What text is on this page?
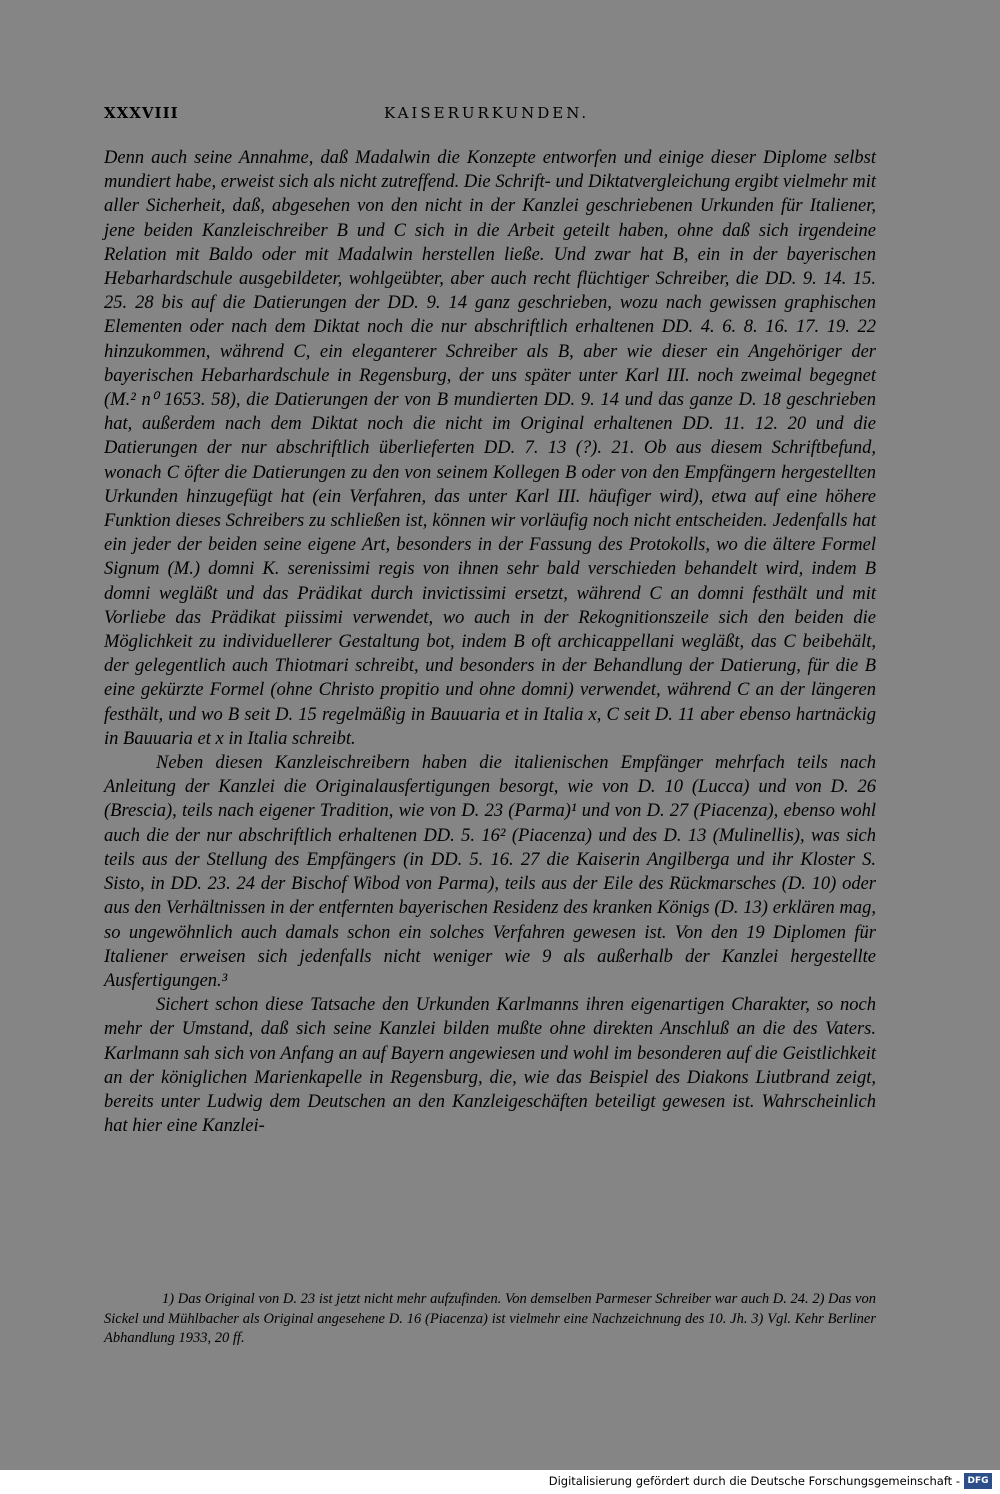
XXXVIII	KAISERURKUNDEN.

Denn auch seine Annahme, daß Madalwin die Konzepte entworfen und einige dieser Diplome selbst mundiert habe, erweist sich als nicht zutreffend. Die Schrift- und Diktatvergleichung ergibt vielmehr mit aller Sicherheit, daß, abgesehen von den nicht in der Kanzlei geschriebenen Urkunden für Italiener, jene beiden Kanzleischreiber B und C sich in die Arbeit geteilt haben, ohne daß sich irgendeine Relation mit Baldo oder mit Madalwin herstellen ließe. Und zwar hat B, ein in der bayerischen Hebarhardschule ausgebildeter, wohlgeübter, aber auch recht flüchtiger Schreiber, die DD. 9. 14. 15. 25. 28 bis auf die Datierungen der DD. 9. 14 ganz geschrieben, wozu nach gewissen graphischen Elementen oder nach dem Diktat noch die nur abschriftlich erhaltenen DD. 4. 6. 8. 16. 17. 19. 22 hinzukommen, während C, ein eleganterer Schreiber als B, aber wie dieser ein Angehöriger der bayerischen Hebarhardschule in Regensburg, der uns später unter Karl III. noch zweimal begegnet (M.² n⁰ 1653. 58), die Datierungen der von B mundierten DD. 9. 14 und das ganze D. 18 geschrieben hat, außerdem nach dem Diktat noch die nicht im Original erhaltenen DD. 11. 12. 20 und die Datierungen der nur abschriftlich überlieferten DD. 7. 13 (?). 21. Ob aus diesem Schriftbefund, wonach C öfter die Datierungen zu den von seinem Kollegen B oder von den Empfängern hergestellten Urkunden hinzugefügt hat (ein Verfahren, das unter Karl III. häufiger wird), etwa auf eine höhere Funktion dieses Schreibers zu schließen ist, können wir vorläufig noch nicht entscheiden. Jedenfalls hat ein jeder der beiden seine eigene Art, besonders in der Fassung des Protokolls, wo die ältere Formel Signum (M.) domni K. serenissimi regis von ihnen sehr bald verschieden behandelt wird, indem B domni wegläßt und das Prädikat durch invictissimi ersetzt, während C an domni festhält und mit Vorliebe das Prädikat piissimi verwendet, wo auch in der Rekognitionszeile sich den beiden die Möglichkeit zu individuellerer Gestaltung bot, indem B oft archicappellani wegläßt, das C beibehält, der gelegentlich auch Thiotmari schreibt, und besonders in der Behandlung der Datierung, für die B eine gekürzte Formel (ohne Christo propitio und ohne domni) verwendet, während C an der längeren festhält, und wo B seit D. 15 regelmäßig in Bauuaria et in Italia x, C seit D. 11 aber ebenso hartnäckig in Bauuaria et x in Italia schreibt.

Neben diesen Kanzleischreibern haben die italienischen Empfänger mehrfach teils nach Anleitung der Kanzlei die Originalausfertigungen besorgt, wie von D. 10 (Lucca) und von D. 26 (Brescia), teils nach eigener Tradition, wie von D. 23 (Parma)¹ und von D. 27 (Piacenza), ebenso wohl auch die der nur abschriftlich erhaltenen DD. 5. 16² (Piacenza) und des D. 13 (Mulinellis), was sich teils aus der Stellung des Empfängers (in DD. 5. 16. 27 die Kaiserin Angilberga und ihr Kloster S. Sisto, in DD. 23. 24 der Bischof Wibod von Parma), teils aus der Eile des Rückmarsches (D. 10) oder aus den Verhältnissen in der entfernten bayerischen Residenz des kranken Königs (D. 13) erklären mag, so ungewöhnlich auch damals schon ein solches Verfahren gewesen ist. Von den 19 Diplomen für Italiener erweisen sich jedenfalls nicht weniger wie 9 als außerhalb der Kanzlei hergestellte Ausfertigungen.³

Sichert schon diese Tatsache den Urkunden Karlmanns ihren eigenartigen Charakter, so noch mehr der Umstand, daß sich seine Kanzlei bilden mußte ohne direkten Anschluß an die des Vaters. Karlmann sah sich von Anfang an auf Bayern angewiesen und wohl im besonderen auf die Geistlichkeit an der königlichen Marienkapelle in Regensburg, die, wie das Beispiel des Diakons Liutbrand zeigt, bereits unter Ludwig dem Deutschen an den Kanzleigeschäften beteiligt gewesen ist. Wahrscheinlich hat hier eine Kanzlei-

1) Das Original von D. 23 ist jetzt nicht mehr aufzufinden. Von demselben Parmeser Schreiber war auch D. 24. 2) Das von Sickel und Mühlbacher als Original angesehene D. 16 (Piacenza) ist vielmehr eine Nachzeichnung des 10. Jh. 3) Vgl. Kehr Berliner Abhandlung 1933, 20 ff.

Digitalisierung gefördert durch die Deutsche Forschungsgemeinschaft - DFG
